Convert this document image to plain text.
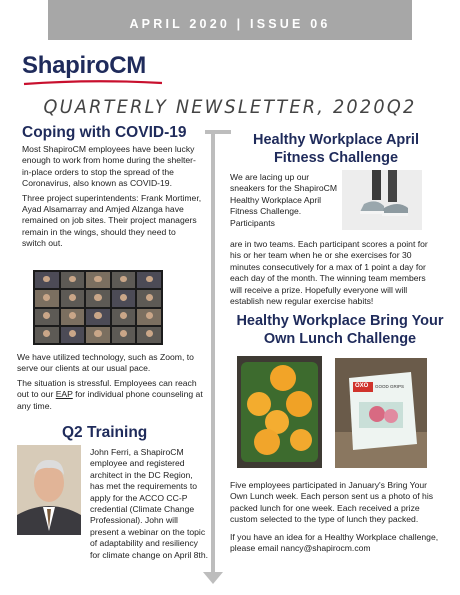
APRIL 2020 | ISSUE 06
ShapiroCM
QUARTERLY NEWSLETTER, 2020Q2
Coping with COVID-19

Most ShapiroCM employees have been lucky enough to work from home during the shelter-in-place orders to stop the spread of the Coronavirus, also known as COVID-19.

Three project superintendents: Frank Mortimer, Ayad Alsamarray and Amjed Alzanga have remained on job sites. Their project managers remain in the wings, should they need to switch out.

We have utilized technology, such as Zoom, to serve our clients at our usual pace.

The situation is stressful. Employees can reach out to our EAP for individual phone counseling at any time.

Q2 Training
John Ferri, a ShapiroCM employee and registered architect in the DC Region, has met the requirements to apply for the ACCO CC-P credential (Climate Change Professional). John will present a webinar on the topic of adaptability and resiliency for climate change on April 8th.
Healthy Workplace April Fitness Challenge
We are lacing up our sneakers for the ShapiroCM Healthy Workplace April Fitness Challenge. Participants
are in two teams. Each participant scores a point for his or her team when he or she exercises for 30 minutes consecutively for a max of 1 point a day for each day of the month. The winning team members will receive a prize. Hopefully everyone will will establish new regular exercise habits!
Healthy Workplace Bring Your Own Lunch Challenge
OXO GOOD GRIPS

Five employees participated in January's Bring Your Own Lunch week. Each person sent us a photo of his packed lunch for one week. Each received a prize custom selected to the type of lunch they packed.

If you have an idea for a Healthy Workplace challenge, please email nancy@shapirocm.com
